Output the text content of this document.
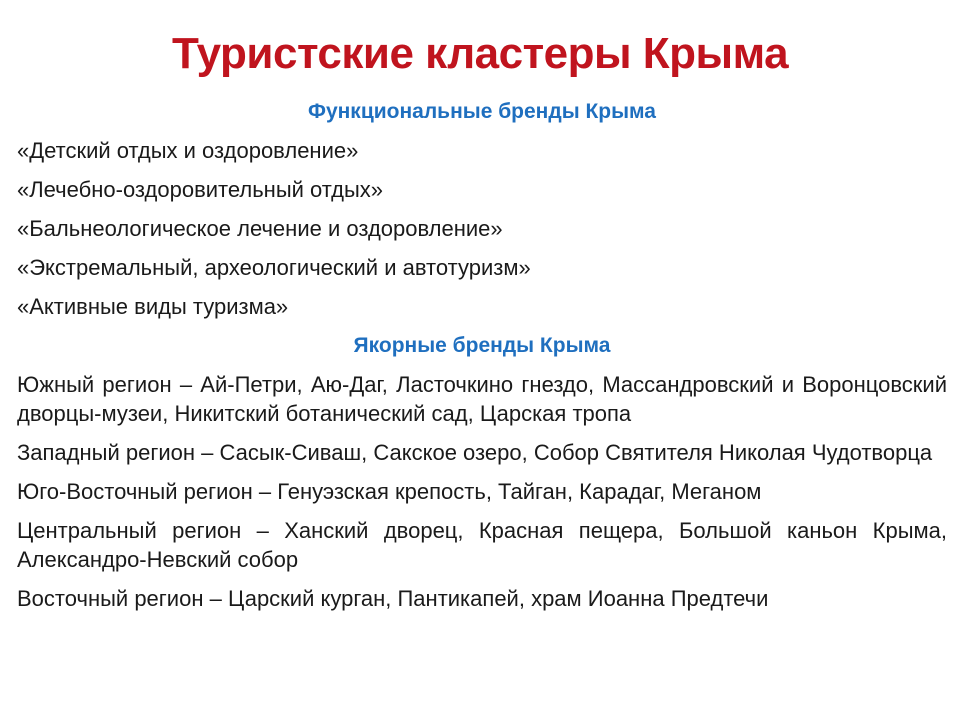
Туристские кластеры Крыма
Функциональные бренды Крыма
«Детский отдых и оздоровление»
«Лечебно-оздоровительный отдых»
«Бальнеологическое лечение и оздоровление»
«Экстремальный, археологический и автотуризм»
«Активные виды туризма»
Якорные бренды Крыма
Южный регион – Ай-Петри, Аю-Даг, Ласточкино гнездо, Массандровский и Воронцовский дворцы-музеи, Никитский ботанический сад, Царская тропа
Западный регион – Сасык-Сиваш, Сакское озеро, Собор Святителя Николая Чудотворца
Юго-Восточный регион – Генуэзская крепость, Тайган, Карадаг, Меганом
Центральный регион – Ханский дворец, Красная пещера, Большой каньон Крыма, Александро-Невский собор
Восточный регион – Царский курган, Пантикапей, храм Иоанна Предтечи
